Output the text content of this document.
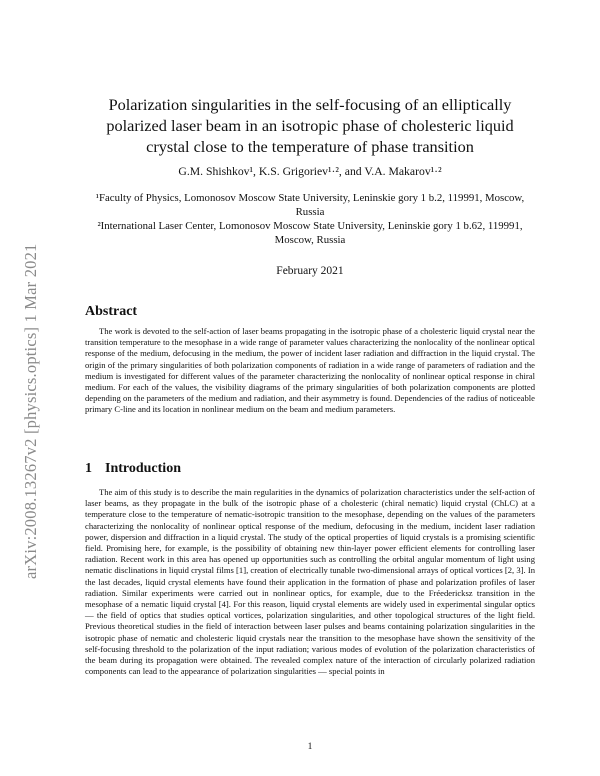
arXiv:2008.13267v2 [physics.optics] 1 Mar 2021
Polarization singularities in the self-focusing of an elliptically polarized laser beam in an isotropic phase of cholesteric liquid crystal close to the temperature of phase transition
G.M. Shishkov¹, K.S. Grigoriev¹·², and V.A. Makarov¹·²
¹Faculty of Physics, Lomonosov Moscow State University, Leninskie gory 1 b.2, 119991, Moscow, Russia
²International Laser Center, Lomonosov Moscow State University, Leninskie gory 1 b.62, 119991, Moscow, Russia
February 2021
Abstract

The work is devoted to the self-action of laser beams propagating in the isotropic phase of a cholesteric liquid crystal near the transition temperature to the mesophase in a wide range of parameter values characterizing the nonlocality of the nonlinear optical response of the medium, defocusing in the medium, the power of incident laser radiation and diffraction in the liquid crystal. The origin of the primary singularities of both polarization components of radiation in a wide range of parameters of radiation and the medium is investigated for different values of the parameter characterizing the nonlocality of nonlinear optical response in chiral medium. For each of the values, the visibility diagrams of the primary singularities of both polarization components are plotted depending on the parameters of the medium and radiation, and their asymmetry is found. Dependencies of the radius of noticeable primary C-line and its location in nonlinear medium on the beam and medium parameters.

1 Introduction

The aim of this study is to describe the main regularities in the dynamics of polarization characteristics under the self-action of laser beams, as they propagate in the bulk of the isotropic phase of a cholesteric (chiral nematic) liquid crystal (ChLC) at a temperature close to the temperature of nematic-isotropic transition to the mesophase, depending on the values of the parameters characterizing the nonlocality of nonlinear optical response of the medium, defocusing in the medium, incident laser radiation power, dispersion and diffraction in a liquid crystal. The study of the optical properties of liquid crystals is a promising scientific field. Promising here, for example, is the possibility of obtaining new thin-layer power efficient elements for controlling laser radiation. Recent work in this area has opened up opportunities such as controlling the orbital angular momentum of light using nematic disclinations in liquid crystal films [1], creation of electrically tunable two-dimensional arrays of optical vortices [2, 3]. In the last decades, liquid crystal elements have found their application in the formation of phase and polarization profiles of laser radiation. Similar experiments were carried out in nonlinear optics, for example, due to the Fréedericksz transition in the mesophase of a nematic liquid crystal [4]. For this reason, liquid crystal elements are widely used in experimental singular optics — the field of optics that studies optical vortices, polarization singularities, and other topological structures of the light field. Previous theoretical studies in the field of interaction between laser pulses and beams containing polarization singularities in the isotropic phase of nematic and cholesteric liquid crystals near the transition to the mesophase have shown the sensitivity of the self-focusing threshold to the polarization of the input radiation; various modes of evolution of the polarization characteristics of the beam during its propagation were obtained. The revealed complex nature of the interaction of circularly polarized radiation components can lead to the appearance of polarization singularities — special points in

1
